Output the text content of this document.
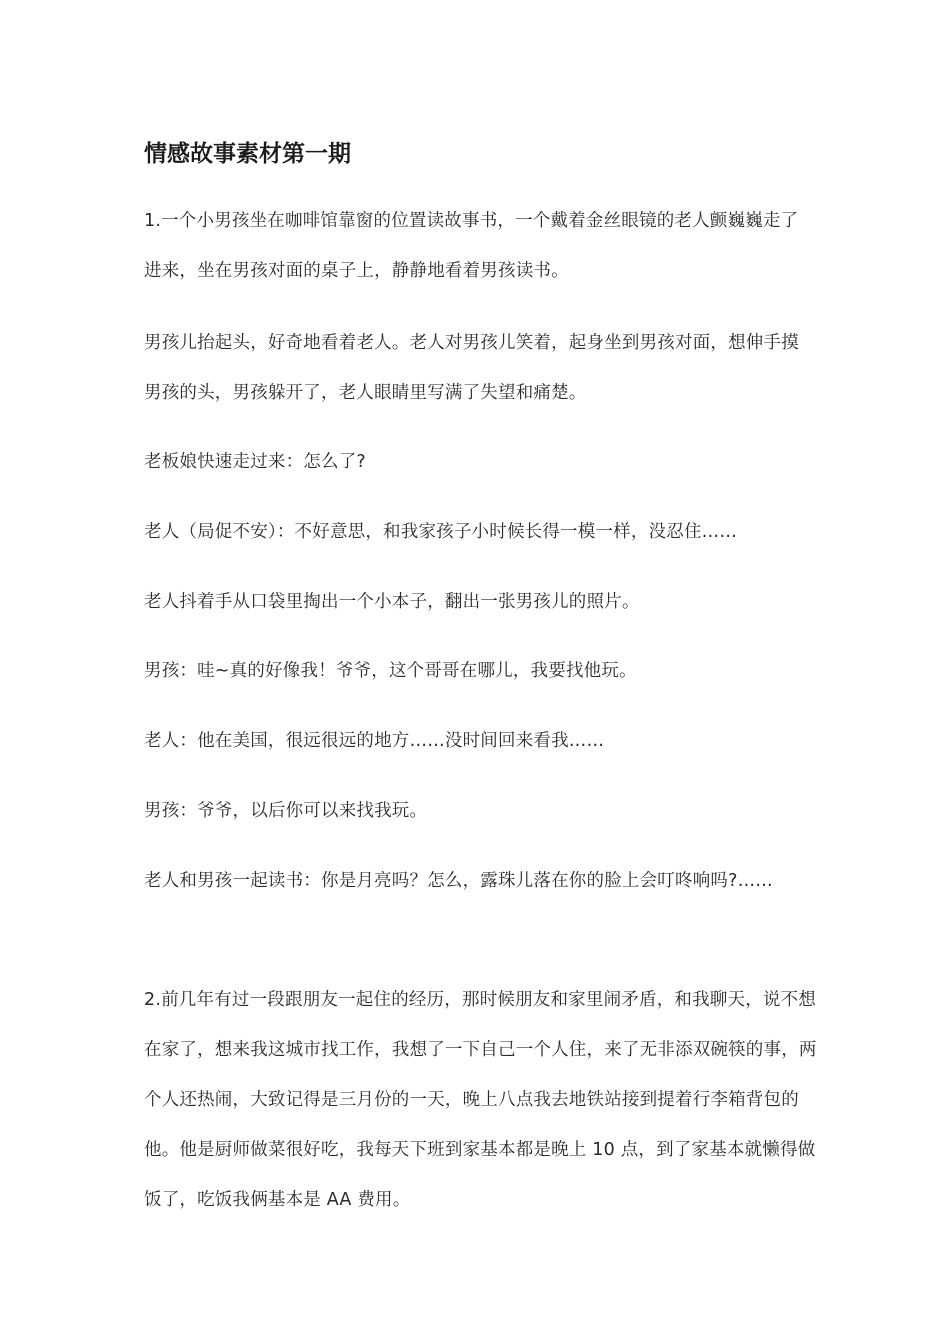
情感故事素材第一期

1.一个小男孩坐在咖啡馆靠窗的位置读故事书，一个戴着金丝眼镜的老人颤巍巍走了进来，坐在男孩对面的桌子上，静静地看着男孩读书。

男孩儿抬起头，好奇地看着老人。老人对男孩儿笑着，起身坐到男孩对面，想伸手摸男孩的头，男孩躲开了，老人眼睛里写满了失望和痛楚。

老板娘快速走过来：怎么了?

老人（局促不安）：不好意思，和我家孩子小时候长得一模一样，没忍住……

老人抖着手从口袋里掏出一个小本子，翻出一张男孩儿的照片。

男孩：哇~真的好像我！爷爷，这个哥哥在哪儿，我要找他玩。

老人：他在美国，很远很远的地方……没时间回来看我……

男孩：爷爷，以后你可以来找我玩。

老人和男孩一起读书：你是月亮吗？怎么，露珠儿落在你的脸上会叮咚响吗?……

2.前几年有过一段跟朋友一起住的经历，那时候朋友和家里闹矛盾，和我聊天，说不想在家了，想来我这城市找工作，我想了一下自己一个人住，来了无非添双碗筷的事，两个人还热闹，大致记得是三月份的一天，晚上八点我去地铁站接到提着行李箱背包的他。他是厨师做菜很好吃，我每天下班到家基本都是晚上 10 点，到了家基本就懒得做饭了，吃饭我俩基本是 AA 费用。
